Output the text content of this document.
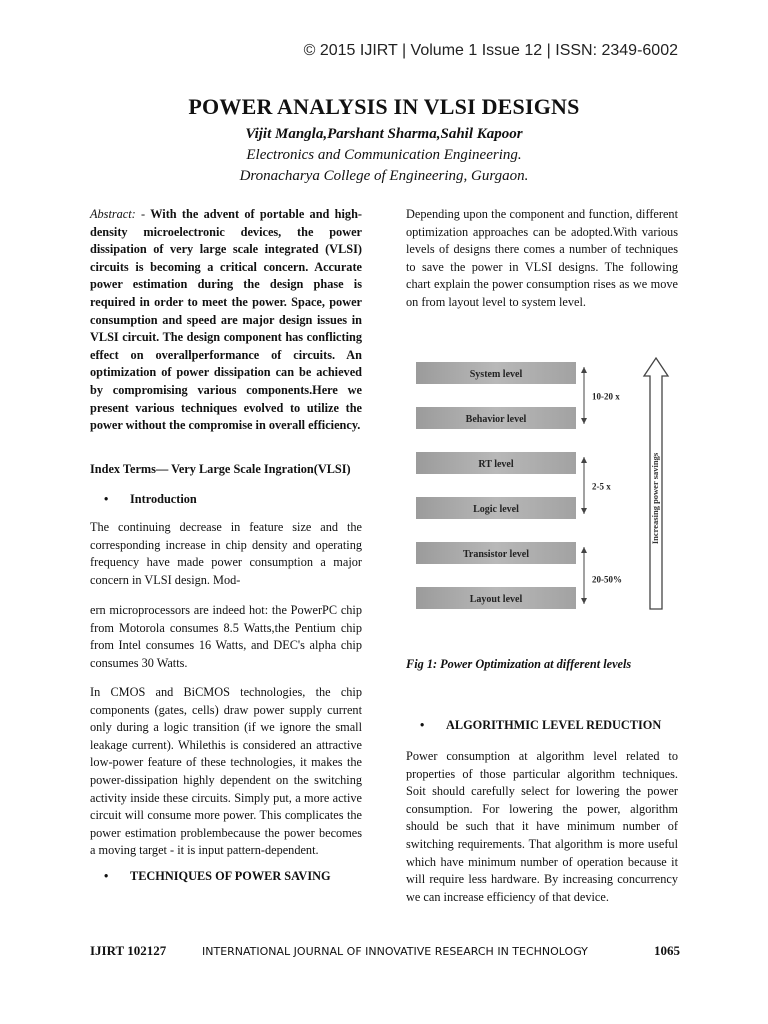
© 2015 IJIRT | Volume 1 Issue 12 | ISSN: 2349-6002
POWER ANALYSIS IN VLSI DESIGNS
Vijit Mangla,Parshant Sharma,Sahil Kapoor
Electronics and Communication Engineering.
Dronacharya College of Engineering, Gurgaon.
Abstract: - With the advent of portable and high-density microelectronic devices, the power dissipation of very large scale integrated (VLSI) circuits is becoming a critical concern. Accurate power estimation during the design phase is required in order to meet the power. Space, power consumption and speed are major design issues in VLSI circuit. The design component has conflicting effect on overallperformance of circuits. An optimization of power dissipation can be achieved by compromising various components.Here we present various techniques evolved to utilize the power without the compromise in overall efficiency.
Index Terms— Very Large Scale Ingration(VLSI)
•	Introduction

The continuing decrease in feature size and the corresponding increase in chip density and operating frequency have made power consumption a major concern in VLSI design. Mod-

ern microprocessors are indeed hot: the PowerPC chip from Motorola consumes 8.5 Watts,the Pentium chip from Intel consumes 16 Watts, and DEC's alpha chip consumes 30 Watts.

In CMOS and BiCMOS technologies, the chip components (gates, cells) draw power supply current only during a logic transition (if we ignore the small leakage current). Whilethis is considered an attractive low-power feature of these technologies, it makes the power-dissipation highly dependent on the switching activity inside these circuits. Simply put, a more active circuit will consume more power. This complicates the power estimation problembecause the power becomes a moving target - it is input pattern-dependent.

•	TECHNIQUES OF POWER SAVING

Depending upon the component and function, different optimization approaches can be adopted.With various levels of designs there comes a number of techniques to save the power in VLSI designs. The following chart explain the power consumption rises as we move on from layout level to system level.

System level
Behavior level
RT level
Logic level
Transistor level
Layout level
10-20 x
2-5 x
20-50%
Increasing power savings
Fig 1: Power Optimization at different levels
•	ALGORITHMIC LEVEL REDUCTION

Power consumption at algorithm level related to properties of those particular algorithm techniques. Soit should carefully select for lowering the power consumption. For lowering the power, algorithm should be such that it have minimum number of switching requirements. That algorithm is more useful which have minimum number of operation because it will require less hardware. By increasing concurrency we can increase efficiency of that device.

IJIRT 102127	INTERNATIONAL JOURNAL OF INNOVATIVE RESEARCH IN TECHNOLOGY	1065
